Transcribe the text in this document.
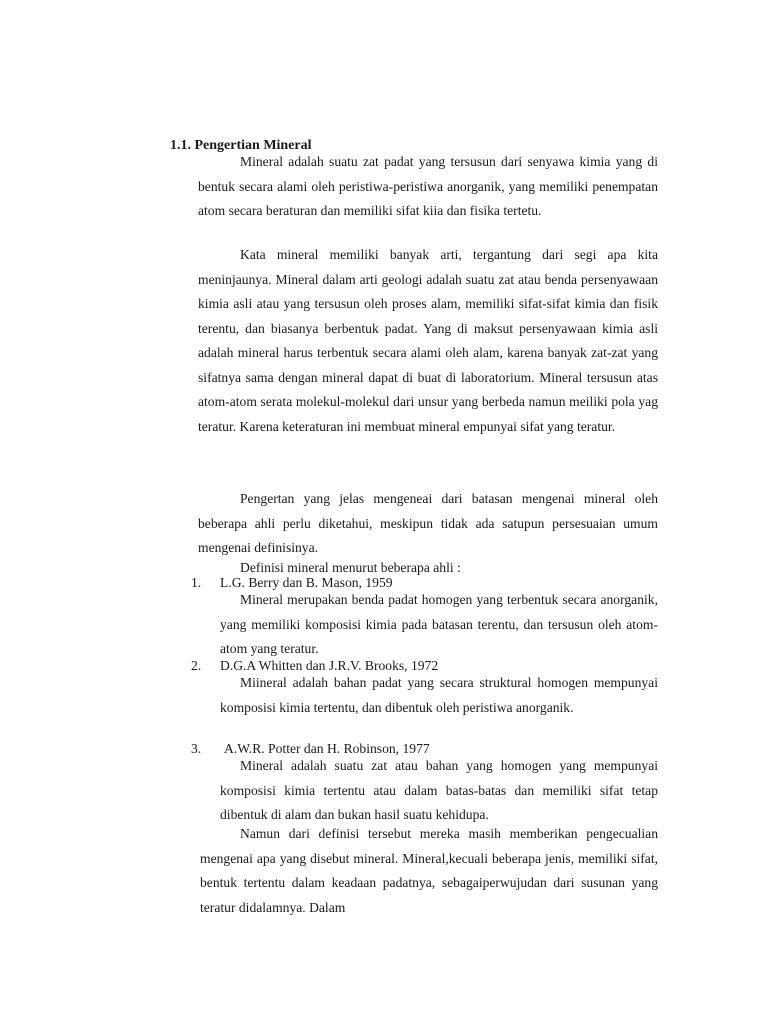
1.1. Pengertian Mineral

Mineral adalah suatu zat padat yang tersusun dari senyawa kimia yang di bentuk secara alami oleh peristiwa-peristiwa anorganik, yang memiliki penempatan atom secara beraturan dan memiliki sifat kiia dan fisika tertetu.

Kata mineral memiliki banyak arti, tergantung dari segi apa kita meninjaunya. Mineral dalam arti geologi adalah suatu zat atau benda persenyawaan kimia asli atau yang tersusun oleh proses alam, memiliki sifat-sifat kimia dan fisik terentu, dan biasanya berbentuk padat. Yang di maksut persenyawaan kimia asli adalah mineral harus terbentuk secara alami oleh alam, karena banyak zat-zat yang sifatnya sama dengan mineral dapat di buat di laboratorium. Mineral tersusun atas atom-atom serata molekul-molekul dari unsur yang berbeda namun meiliki pola yag teratur. Karena keteraturan ini membuat mineral empunyai sifat yang teratur.

Pengertan yang jelas mengeneai dari batasan mengenai mineral oleh beberapa ahli perlu diketahui, meskipun tidak ada satupun persesuaian umum mengenai definisinya.

Definisi mineral menurut beberapa ahli :

1. L.G. Berry dan B. Mason, 1959

Mineral merupakan benda padat homogen yang terbentuk secara anorganik, yang memiliki komposisi kimia pada batasan terentu, dan tersusun oleh atom-atom yang teratur.

2. D.G.A Whitten dan J.R.V. Brooks, 1972

Miineral adalah bahan padat yang secara struktural homogen mempunyai komposisi kimia tertentu, dan dibentuk oleh peristiwa anorganik.

3. A.W.R. Potter dan H. Robinson, 1977

Mineral adalah suatu zat atau bahan yang homogen yang mempunyai komposisi kimia tertentu atau dalam batas-batas dan memiliki sifat tetap dibentuk di alam dan bukan hasil suatu kehidupa.

Namun dari definisi tersebut mereka masih memberikan pengecualian mengenai apa yang disebut mineral. Mineral,kecuali beberapa jenis, memiliki sifat, bentuk tertentu dalam keadaan padatnya, sebagaiperwujudan dari susunan yang teratur didalamnya. Dalam
